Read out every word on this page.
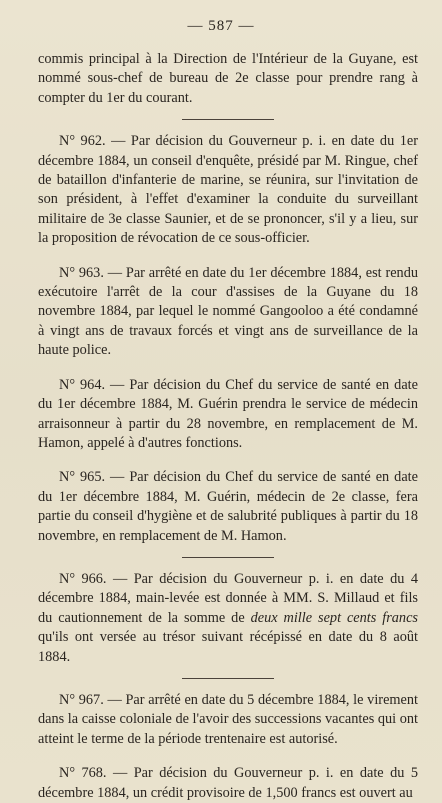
— 587 —

commis principal à la Direction de l'Intérieur de la Guyane, est nommé sous-chef de bureau de 2e classe pour prendre rang à compter du 1er du courant.

N° 962. — Par décision du Gouverneur p. i. en date du 1er décembre 1884, un conseil d'enquête, présidé par M. Ringue, chef de bataillon d'infanterie de marine, se réunira, sur l'invitation de son président, à l'effet d'examiner la conduite du surveillant militaire de 3e classe Saunier, et de se prononcer, s'il y a lieu, sur la proposition de révocation de ce sous-officier.

N° 963. — Par arrêté en date du 1er décembre 1884, est rendu exécutoire l'arrêt de la cour d'assises de la Guyane du 18 novembre 1884, par lequel le nommé Gangooloo a été condamné à vingt ans de travaux forcés et vingt ans de surveillance de la haute police.

N° 964. — Par décision du Chef du service de santé en date du 1er décembre 1884, M. Guérin prendra le service de médecin arraisonneur à partir du 28 novembre, en remplacement de M. Hamon, appelé à d'autres fonctions.

N° 965. — Par décision du Chef du service de santé en date du 1er décembre 1884, M. Guérin, médecin de 2e classe, fera partie du conseil d'hygiène et de salubrité publiques à partir du 18 novembre, en remplacement de M. Hamon.

N° 966. — Par décision du Gouverneur p. i. en date du 4 décembre 1884, main-levée est donnée à MM. S. Millaud et fils du cautionnement de la somme de deux mille sept cents francs qu'ils ont versée au trésor suivant récépissé en date du 8 août 1884.

N° 967. — Par arrêté en date du 5 décembre 1884, le virement dans la caisse coloniale de l'avoir des successions vacantes qui ont atteint le terme de la période trentenaire est autorisé.

N° 768. — Par décision du Gouverneur p. i. en date du 5 décembre 1884, un crédit provisoire de 1,500 francs est ouvert au
